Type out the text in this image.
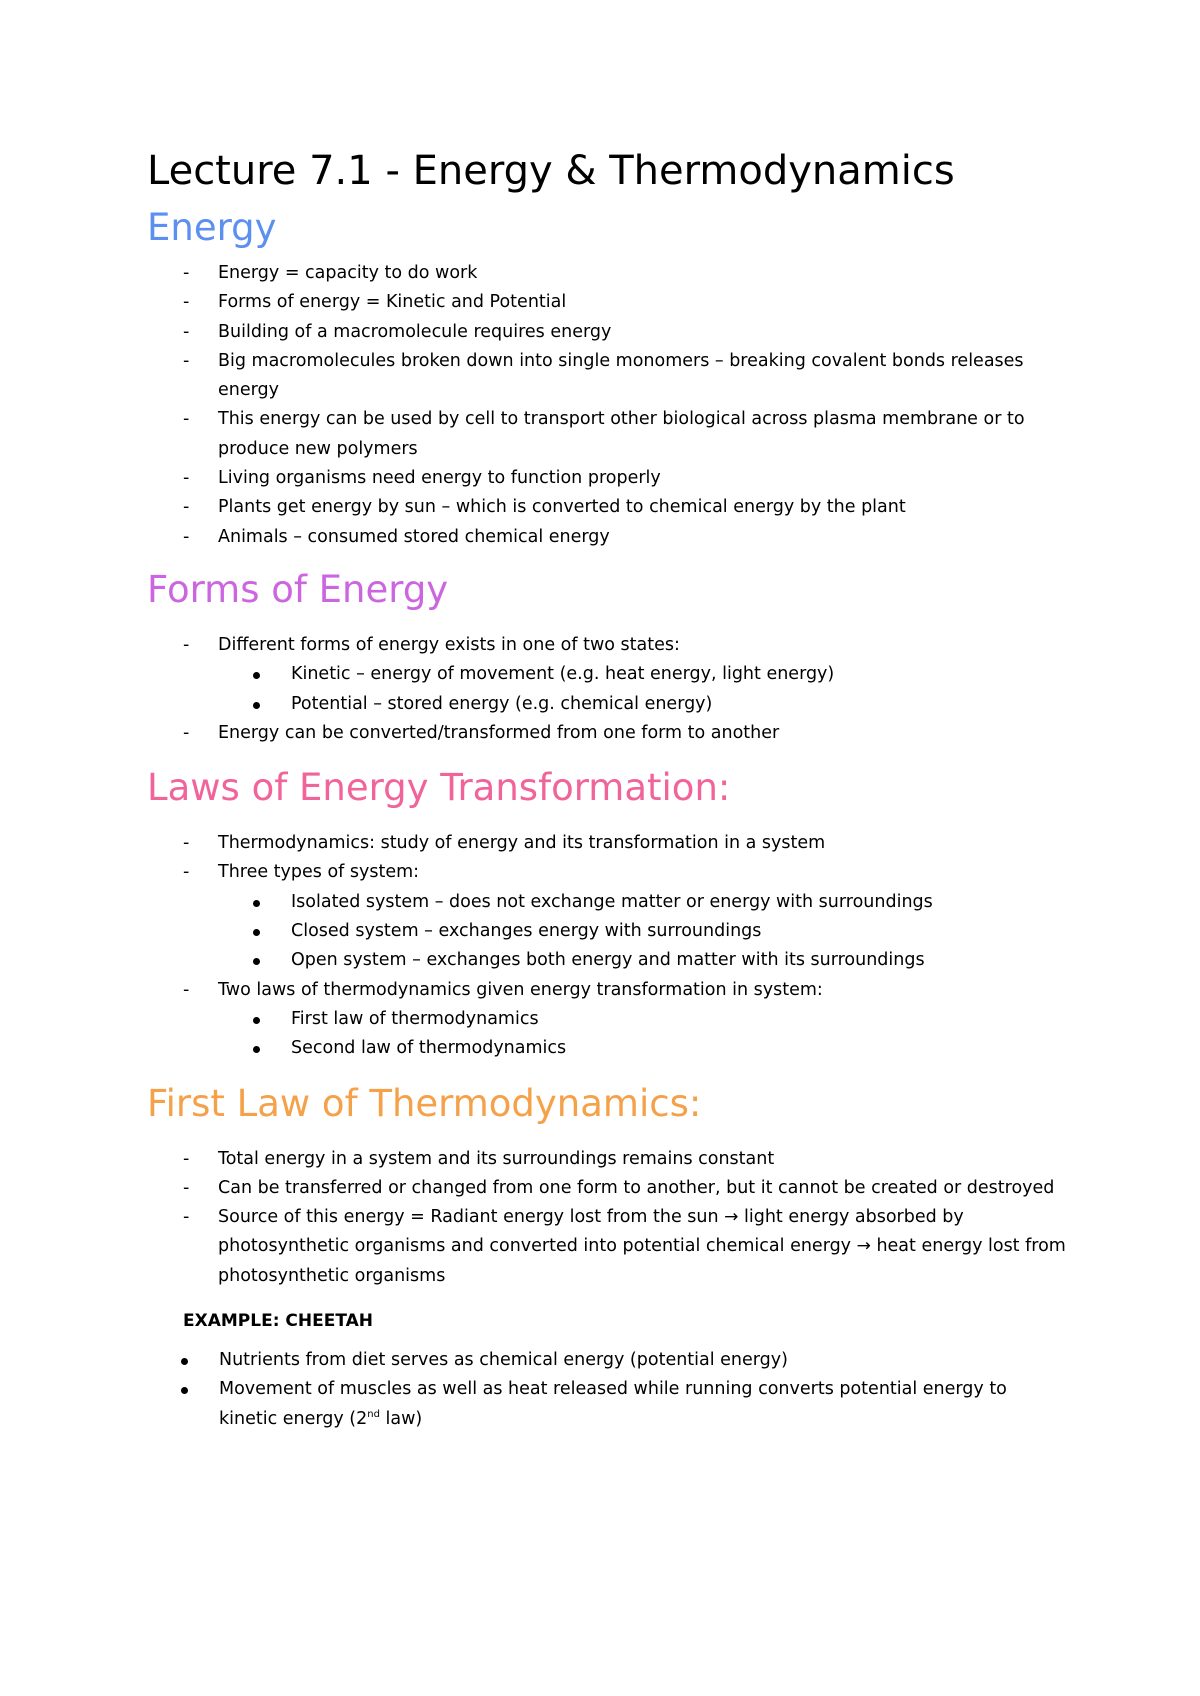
Lecture 7.1 - Energy & Thermodynamics
Energy
- Energy = capacity to do work
- Forms of energy = Kinetic and Potential
- Building of a macromolecule requires energy
- Big macromolecules broken down into single monomers – breaking covalent bonds releases energy
- This energy can be used by cell to transport other biological across plasma membrane or to produce new polymers
- Living organisms need energy to function properly
- Plants get energy by sun – which is converted to chemical energy by the plant
- Animals – consumed stored chemical energy
Forms of Energy
- Different forms of energy exists in one of two states:
Kinetic – energy of movement (e.g. heat energy, light energy)
Potential – stored energy (e.g. chemical energy)
- Energy can be converted/transformed from one form to another
Laws of Energy Transformation:
- Thermodynamics: study of energy and its transformation in a system
- Three types of system:
Isolated system – does not exchange matter or energy with surroundings
Closed system – exchanges energy with surroundings
Open system – exchanges both energy and matter with its surroundings
- Two laws of thermodynamics given energy transformation in system:
First law of thermodynamics
Second law of thermodynamics
First Law of Thermodynamics:
- Total energy in a system and its surroundings remains constant
- Can be transferred or changed from one form to another, but it cannot be created or destroyed
- Source of this energy = Radiant energy lost from the sun → light energy absorbed by photosynthetic organisms and converted into potential chemical energy → heat energy lost from photosynthetic organisms

EXAMPLE: CHEETAH

Nutrients from diet serves as chemical energy (potential energy)
Movement of muscles as well as heat released while running converts potential energy to kinetic energy (2nd law)
